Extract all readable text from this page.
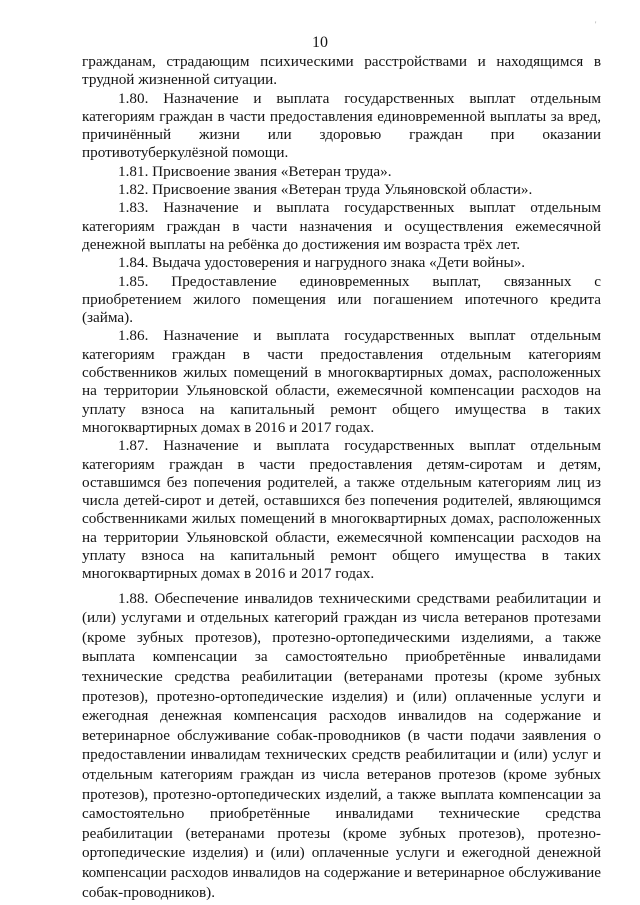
'
10

гражданам, страдающим психическими расстройствами и находящимся в трудной жизненной ситуации.

1.80. Назначение и выплата государственных выплат отдельным категориям граждан в части предоставления единовременной выплаты за вред, причинённый жизни или здоровью граждан при оказании противотуберкулёзной помощи.

1.81. Присвоение звания «Ветеран труда».

1.82. Присвоение звания «Ветеран труда Ульяновской области».

1.83. Назначение и выплата государственных выплат отдельным категориям граждан в части назначения и осуществления ежемесячной денежной выплаты на ребёнка до достижения им возраста трёх лет.

1.84. Выдача удостоверения и нагрудного знака «Дети войны».

1.85. Предоставление единовременных выплат, связанных с приобретением жилого помещения или погашением ипотечного кредита (займа).

1.86. Назначение и выплата государственных выплат отдельным категориям граждан в части предоставления отдельным категориям собственников жилых помещений в многоквартирных домах, расположенных на территории Ульяновской области, ежемесячной компенсации расходов на уплату взноса на капитальный ремонт общего имущества в таких многоквартирных домах в 2016 и 2017 годах.

1.87. Назначение и выплата государственных выплат отдельным категориям граждан в части предоставления детям-сиротам и детям, оставшимся без попечения родителей, а также отдельным категориям лиц из числа детей-сирот и детей, оставшихся без попечения родителей, являющимся собственниками жилых помещений в многоквартирных домах, расположенных на территории Ульяновской области, ежемесячной компенсации расходов на уплату взноса на капитальный ремонт общего имущества в таких многоквартирных домах в 2016 и 2017 годах.

1.88. Обеспечение инвалидов техническими средствами реабилитации и (или) услугами и отдельных категорий граждан из числа ветеранов протезами (кроме зубных протезов), протезно-ортопедическими изделиями, а также выплата компенсации за самостоятельно приобретённые инвалидами технические средства реабилитации (ветеранами протезы (кроме зубных протезов), протезно-ортопедические изделия) и (или) оплаченные услуги и ежегодная денежная компенсация расходов инвалидов на содержание и ветеринарное обслуживание собак-проводников (в части подачи заявления о предоставлении инвалидам технических средств реабилитации и (или) услуг и отдельным категориям граждан из числа ветеранов протезов (кроме зубных протезов), протезно-ортопедических изделий, а также выплата компенсации за самостоятельно приобретённые инвалидами технические средства реабилитации (ветеранами протезы (кроме зубных протезов), протезно-ортопедические изделия) и (или) оплаченные услуги и ежегодной денежной компенсации расходов инвалидов на содержание и ветеринарное обслуживание собак-проводников).
